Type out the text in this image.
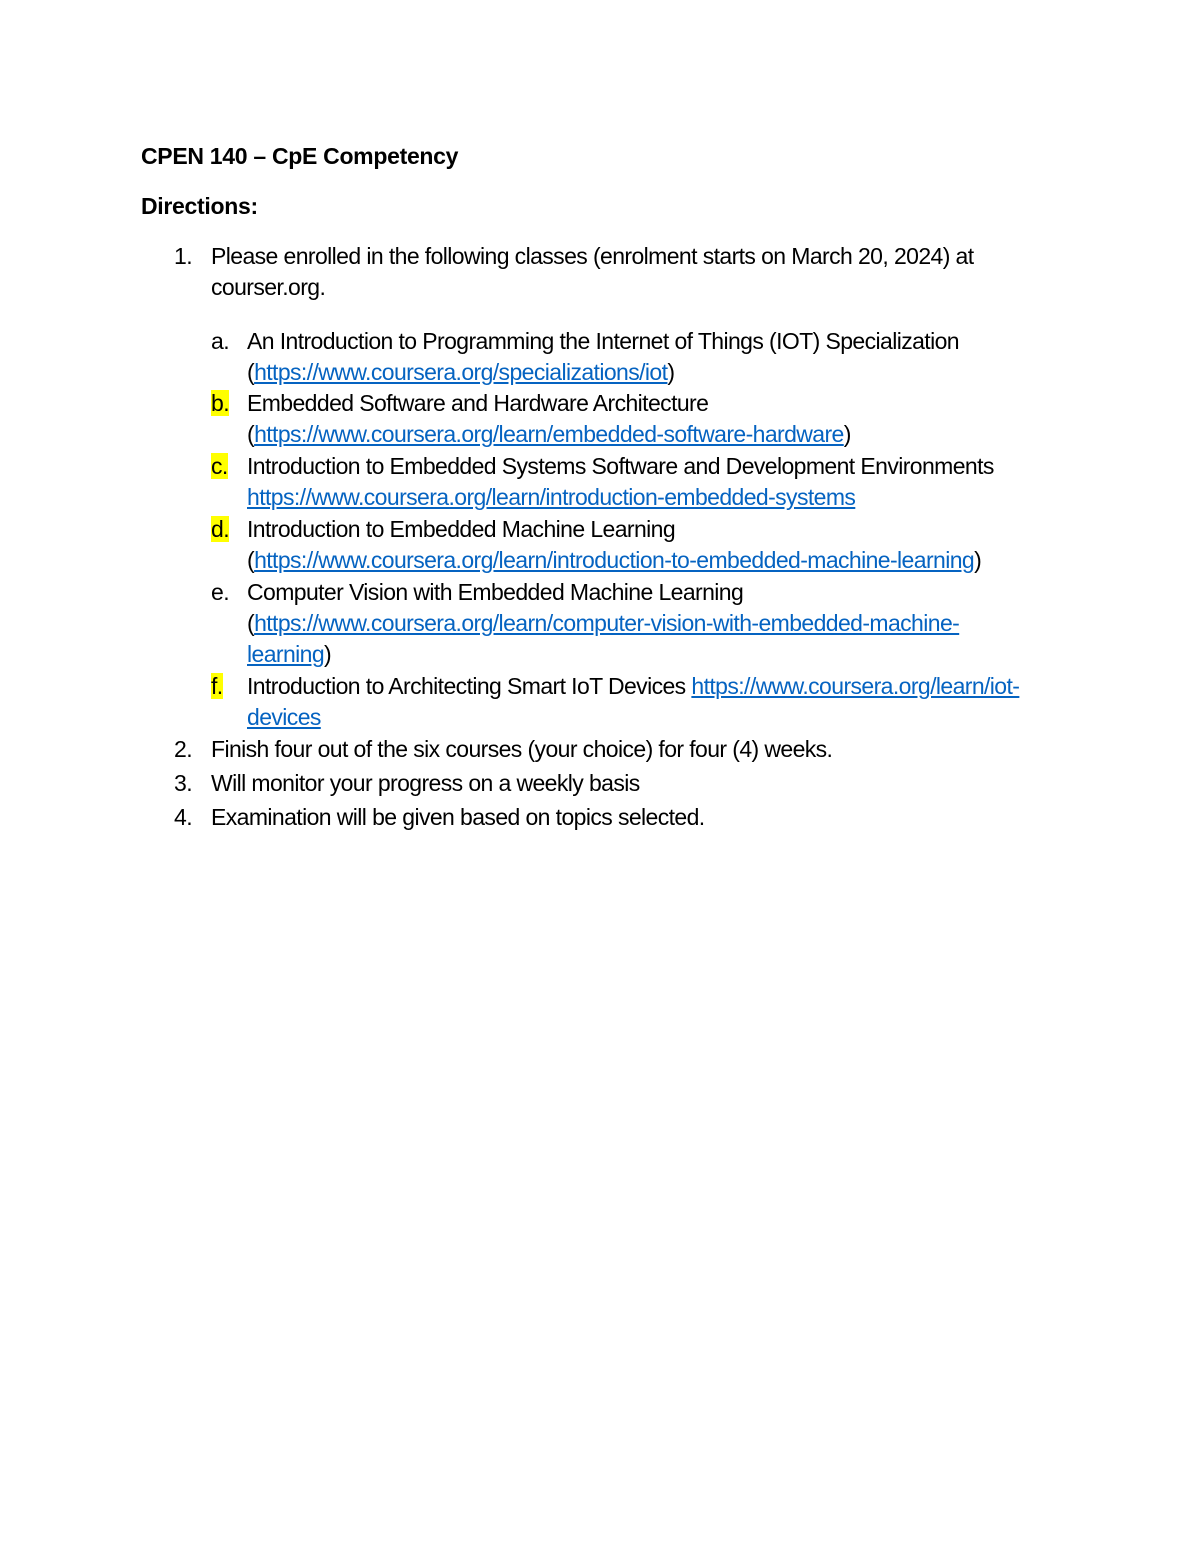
CPEN 140 – CpE Competency
Directions:
1. Please enrolled in the following classes (enrolment starts on March 20, 2024) at
courser.org.
a. An Introduction to Programming the Internet of Things (IOT) Specialization
(https://www.coursera.org/specializations/iot)
b. Embedded Software and Hardware Architecture
(https://www.coursera.org/learn/embedded-software-hardware)
c. Introduction to Embedded Systems Software and Development Environments
https://www.coursera.org/learn/introduction-embedded-systems
d. Introduction to Embedded Machine Learning
(https://www.coursera.org/learn/introduction-to-embedded-machine-learning)
e. Computer Vision with Embedded Machine Learning
(https://www.coursera.org/learn/computer-vision-with-embedded-machine-
learning)
f. Introduction to Architecting Smart IoT Devices https://www.coursera.org/learn/iot-
devices
2. Finish four out of the six courses (your choice) for four (4) weeks.
3. Will monitor your progress on a weekly basis
4. Examination will be given based on topics selected.
